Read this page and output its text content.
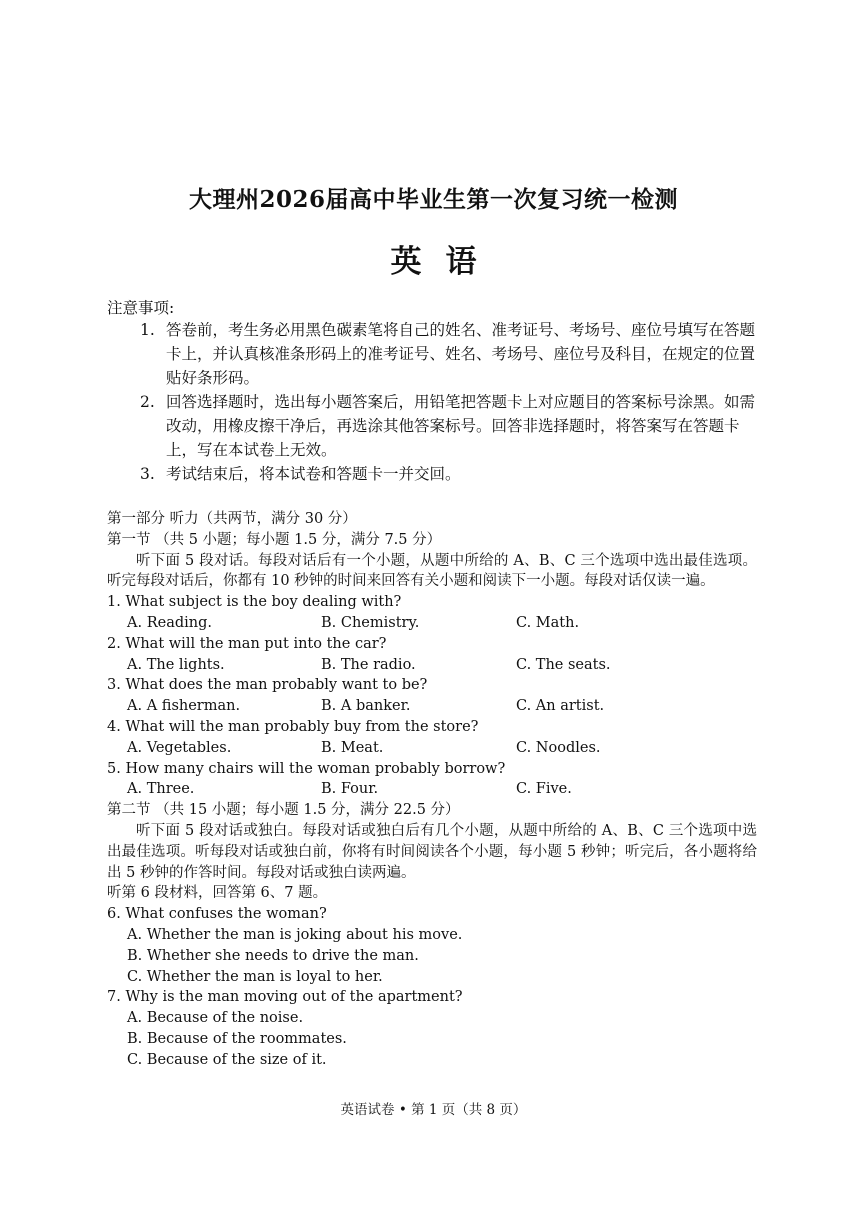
大理州2026届高中毕业生第一次复习统一检测
英语
注意事项:
1. 答卷前，考生务必用黑色碳素笔将自己的姓名、准考证号、考场号、座位号填写在答题卡上，并认真核准条形码上的准考证号、姓名、考场号、座位号及科目，在规定的位置贴好条形码。
2. 回答选择题时，选出每小题答案后，用铅笔把答题卡上对应题目的答案标号涂黑。如需改动，用橡皮擦干净后，再选涂其他答案标号。回答非选择题时，将答案写在答题卡上，写在本试卷上无效。
3. 考试结束后，将本试卷和答题卡一并交回。
第一部分 听力（共两节，满分 30 分）
第一节 （共 5 小题；每小题 1.5 分，满分 7.5 分）
听下面 5 段对话。每段对话后有一个小题，从题中所给的 A、B、C 三个选项中选出最佳选项。听完每段对话后，你都有 10 秒钟的时间来回答有关小题和阅读下一小题。每段对话仅读一遍。
1. What subject is the boy dealing with?
A. Reading.	B. Chemistry.	C. Math.
2. What will the man put into the car?
A. The lights.	B. The radio.	C. The seats.
3. What does the man probably want to be?
A. A fisherman.	B. A banker.	C. An artist.
4. What will the man probably buy from the store?
A. Vegetables.	B. Meat.	C. Noodles.
5. How many chairs will the woman probably borrow?
A. Three.	B. Four.	C. Five.
第二节 （共 15 小题；每小题 1.5 分，满分 22.5 分）
听下面 5 段对话或独白。每段对话或独白后有几个小题，从题中所给的 A、B、C 三个选项中选出最佳选项。听每段对话或独白前，你将有时间阅读各个小题，每小题 5 秒钟；听完后，各小题将给出 5 秒钟的作答时间。每段对话或独白读两遍。
听第 6 段材料，回答第 6、7 题。
6. What confuses the woman?
A. Whether the man is joking about his move.
B. Whether she needs to drive the man.
C. Whether the man is loyal to her.
7. Why is the man moving out of the apartment?
A. Because of the noise.
B. Because of the roommates.
C. Because of the size of it.
英语试卷 • 第 1 页（共 8 页）
